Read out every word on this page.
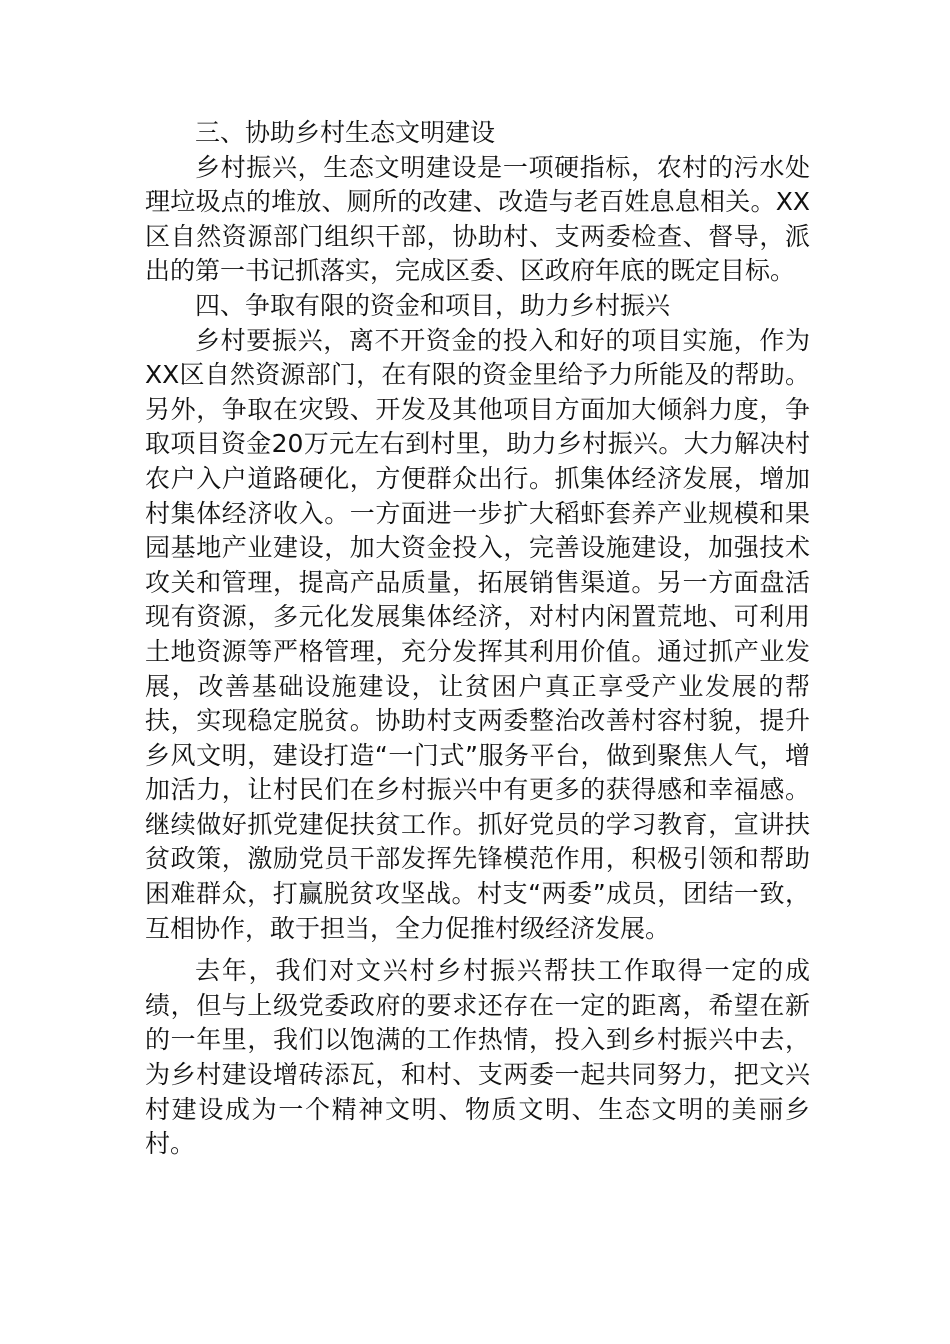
三、协助乡村生态文明建设

乡村振兴，生态文明建设是一项硬指标，农村的污水处理垃圾点的堆放、厕所的改建、改造与老百姓息息相关。XX区自然资源部门组织干部，协助村、支两委检查、督导，派出的第一书记抓落实，完成区委、区政府年底的既定目标。

四、争取有限的资金和项目，助力乡村振兴

乡村要振兴，离不开资金的投入和好的项目实施，作为XX区自然资源部门，在有限的资金里给予力所能及的帮助。另外，争取在灾毁、开发及其他项目方面加大倾斜力度，争取项目资金20万元左右到村里，助力乡村振兴。大力解决村农户入户道路硬化，方便群众出行。抓集体经济发展，增加村集体经济收入。一方面进一步扩大稻虾套养产业规模和果园基地产业建设，加大资金投入，完善设施建设，加强技术攻关和管理，提高产品质量，拓展销售渠道。另一方面盘活现有资源，多元化发展集体经济，对村内闲置荒地、可利用土地资源等严格管理，充分发挥其利用价值。通过抓产业发展，改善基础设施建设，让贫困户真正享受产业发展的帮扶，实现稳定脱贫。协助村支两委整治改善村容村貌，提升乡风文明，建设打造“一门式”服务平台，做到聚焦人气，增加活力，让村民们在乡村振兴中有更多的获得感和幸福感。继续做好抓党建促扶贫工作。抓好党员的学习教育，宣讲扶贫政策，激励党员干部发挥先锋模范作用，积极引领和帮助困难群众，打赢脱贫攻坚战。村支“两委”成员，团结一致，互相协作，敢于担当，全力促推村级经济发展。

去年，我们对文兴村乡村振兴帮扶工作取得一定的成绩，但与上级党委政府的要求还存在一定的距离，希望在新的一年里，我们以饱满的工作热情，投入到乡村振兴中去，为乡村建设增砖添瓦，和村、支两委一起共同努力，把文兴村建设成为一个精神文明、物质文明、生态文明的美丽乡村。
